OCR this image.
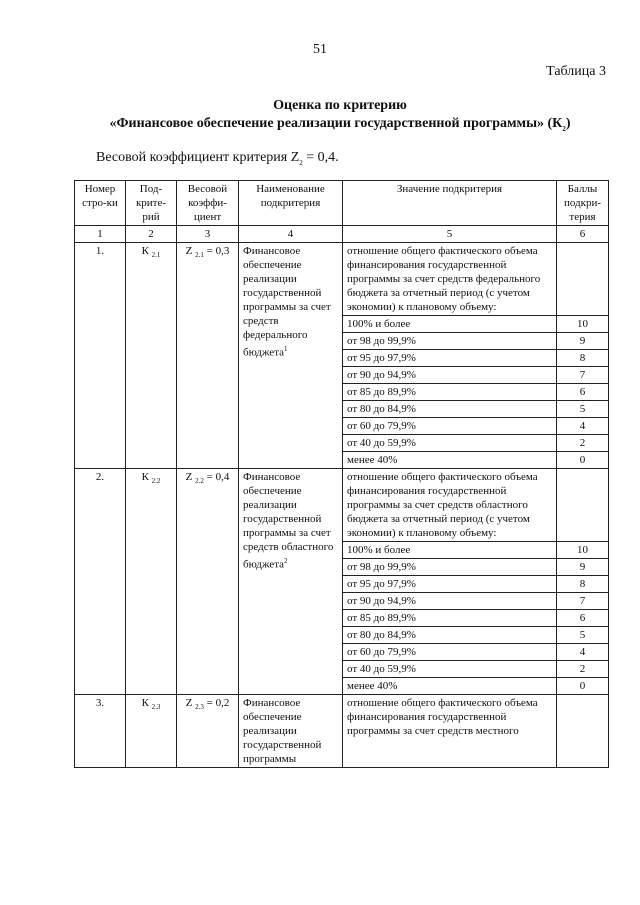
51
Таблица 3
Оценка по критерию
«Финансовое обеспечение реализации государственной программы» $(К_2)$
Весовой коэффициент критерия $Z_2 = 0,4$.
Номер стро-ки	Под-крите-рий	Весовой коэффи-циент	Наименование подкритерия	Значение подкритерия	Баллы подкри-терия
1	2	3	4	5	6
1.	К $_{2.1}$	Z $_{2.1}$ = 0,3	Финансовое обеспечение реализации государственной программы за счет средств федерального бюджета$^1$	отношение общего фактического объема финансирования государственной программы за счет средств федерального бюджета за отчетный период (с учетом экономии) к плановому объему:	
				100% и более	10
				от 98 до 99,9%	9
				от 95 до 97,9%	8
				от 90 до 94,9%	7
				от 85 до 89,9%	6
				от 80 до 84,9%	5
				от 60 до 79,9%	4
				от 40 до 59,9%	2
				менее 40%	0
2.	К $_{2.2}$	Z $_{2.2}$ = 0,4	Финансовое обеспечение реализации государственной программы за счет средств областного бюджета$^2$	отношение общего фактического объема финансирования государственной программы за счет средств областного бюджета за отчетный период (с учетом экономии) к плановому объему:	
				100% и более	10
				от 98 до 99,9%	9
				от 95 до 97,9%	8
				от 90 до 94,9%	7
				от 85 до 89,9%	6
				от 80 до 84,9%	5
				от 60 до 79,9%	4
				от 40 до 59,9%	2
				менее 40%	0
3.	К $_{2.3}$	Z $_{2.3}$ = 0,2	Финансовое обеспечение реализации государственной программы	отношение общего фактического объема финансирования государственной программы за счет средств местного	
